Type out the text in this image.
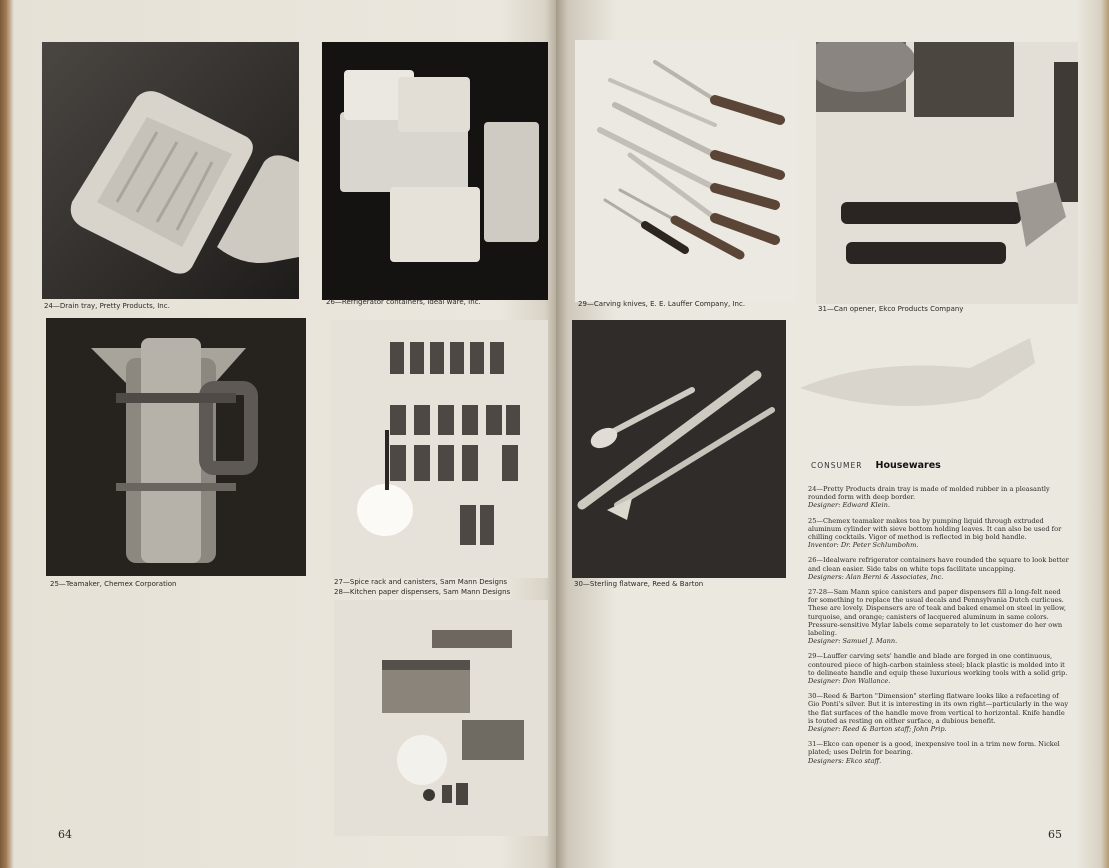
24—Drain tray, Pretty Products, Inc.	26—Refrigerator containers, Ideal ware, Inc.	29—Carving knives, E. E. Lauffer Company, Inc.
31—Can opener, Ekco Products Company
25—Teamaker, Chemex Corporation	27—Spice rack and canisters, Sam Mann Designs
28—Kitchen paper dispensers, Sam Mann Designs
30—Sterling flatware, Reed & Barton
CONSUMER Housewares
24—Pretty Products drain tray is made of molded rubber in a pleasantly rounded form with deep border.
Designer: Edward Klein.
25—Chemex teamaker makes tea by pumping liquid through extruded aluminum cylinder with sieve bottom holding leaves. It can also be used for chilling cocktails. Vigor of method is reflected in big bold handle.
Inventor: Dr. Peter Schlumbohm.
26—Idealware refrigerator containers have rounded the square to look better and clean easier. Side tabs on white tops facilitate uncapping.
Designers: Alan Berni & Associates, Inc.
27-28—Sam Mann spice canisters and paper dispensers fill a long-felt need for something to replace the usual decals and Pennsylvania Dutch curlicues. These are lovely. Dispensers are of teak and baked enamel on steel in yellow, turquoise, and orange; canisters of lacquered aluminum in same colors. Pressure-sensitive Mylar labels come separately to let customer do her own labeling.
Designer: Samuel J. Mann.
29—Lauffer carving sets' handle and blade are forged in one continuous, contoured piece of high-carbon stainless steel; black plastic is molded into it to delineate handle and equip these luxurious working tools with a solid grip.
Designer: Don Wallance.
30—Reed & Barton "Dimension" sterling flatware looks like a refaceting of Gio Ponti's silver. But it is interesting in its own right—particularly in the way the flat surfaces of the handle move from vertical to horizontal. Knife handle is touted as resting on either surface, a dubious benefit.
Designer: Reed & Barton staff; John Prip.
31—Ekco can opener is a good, inexpensive tool in a trim new form. Nickel plated; uses Delrin for bearing.
Designers: Ekco staff.
64	65
